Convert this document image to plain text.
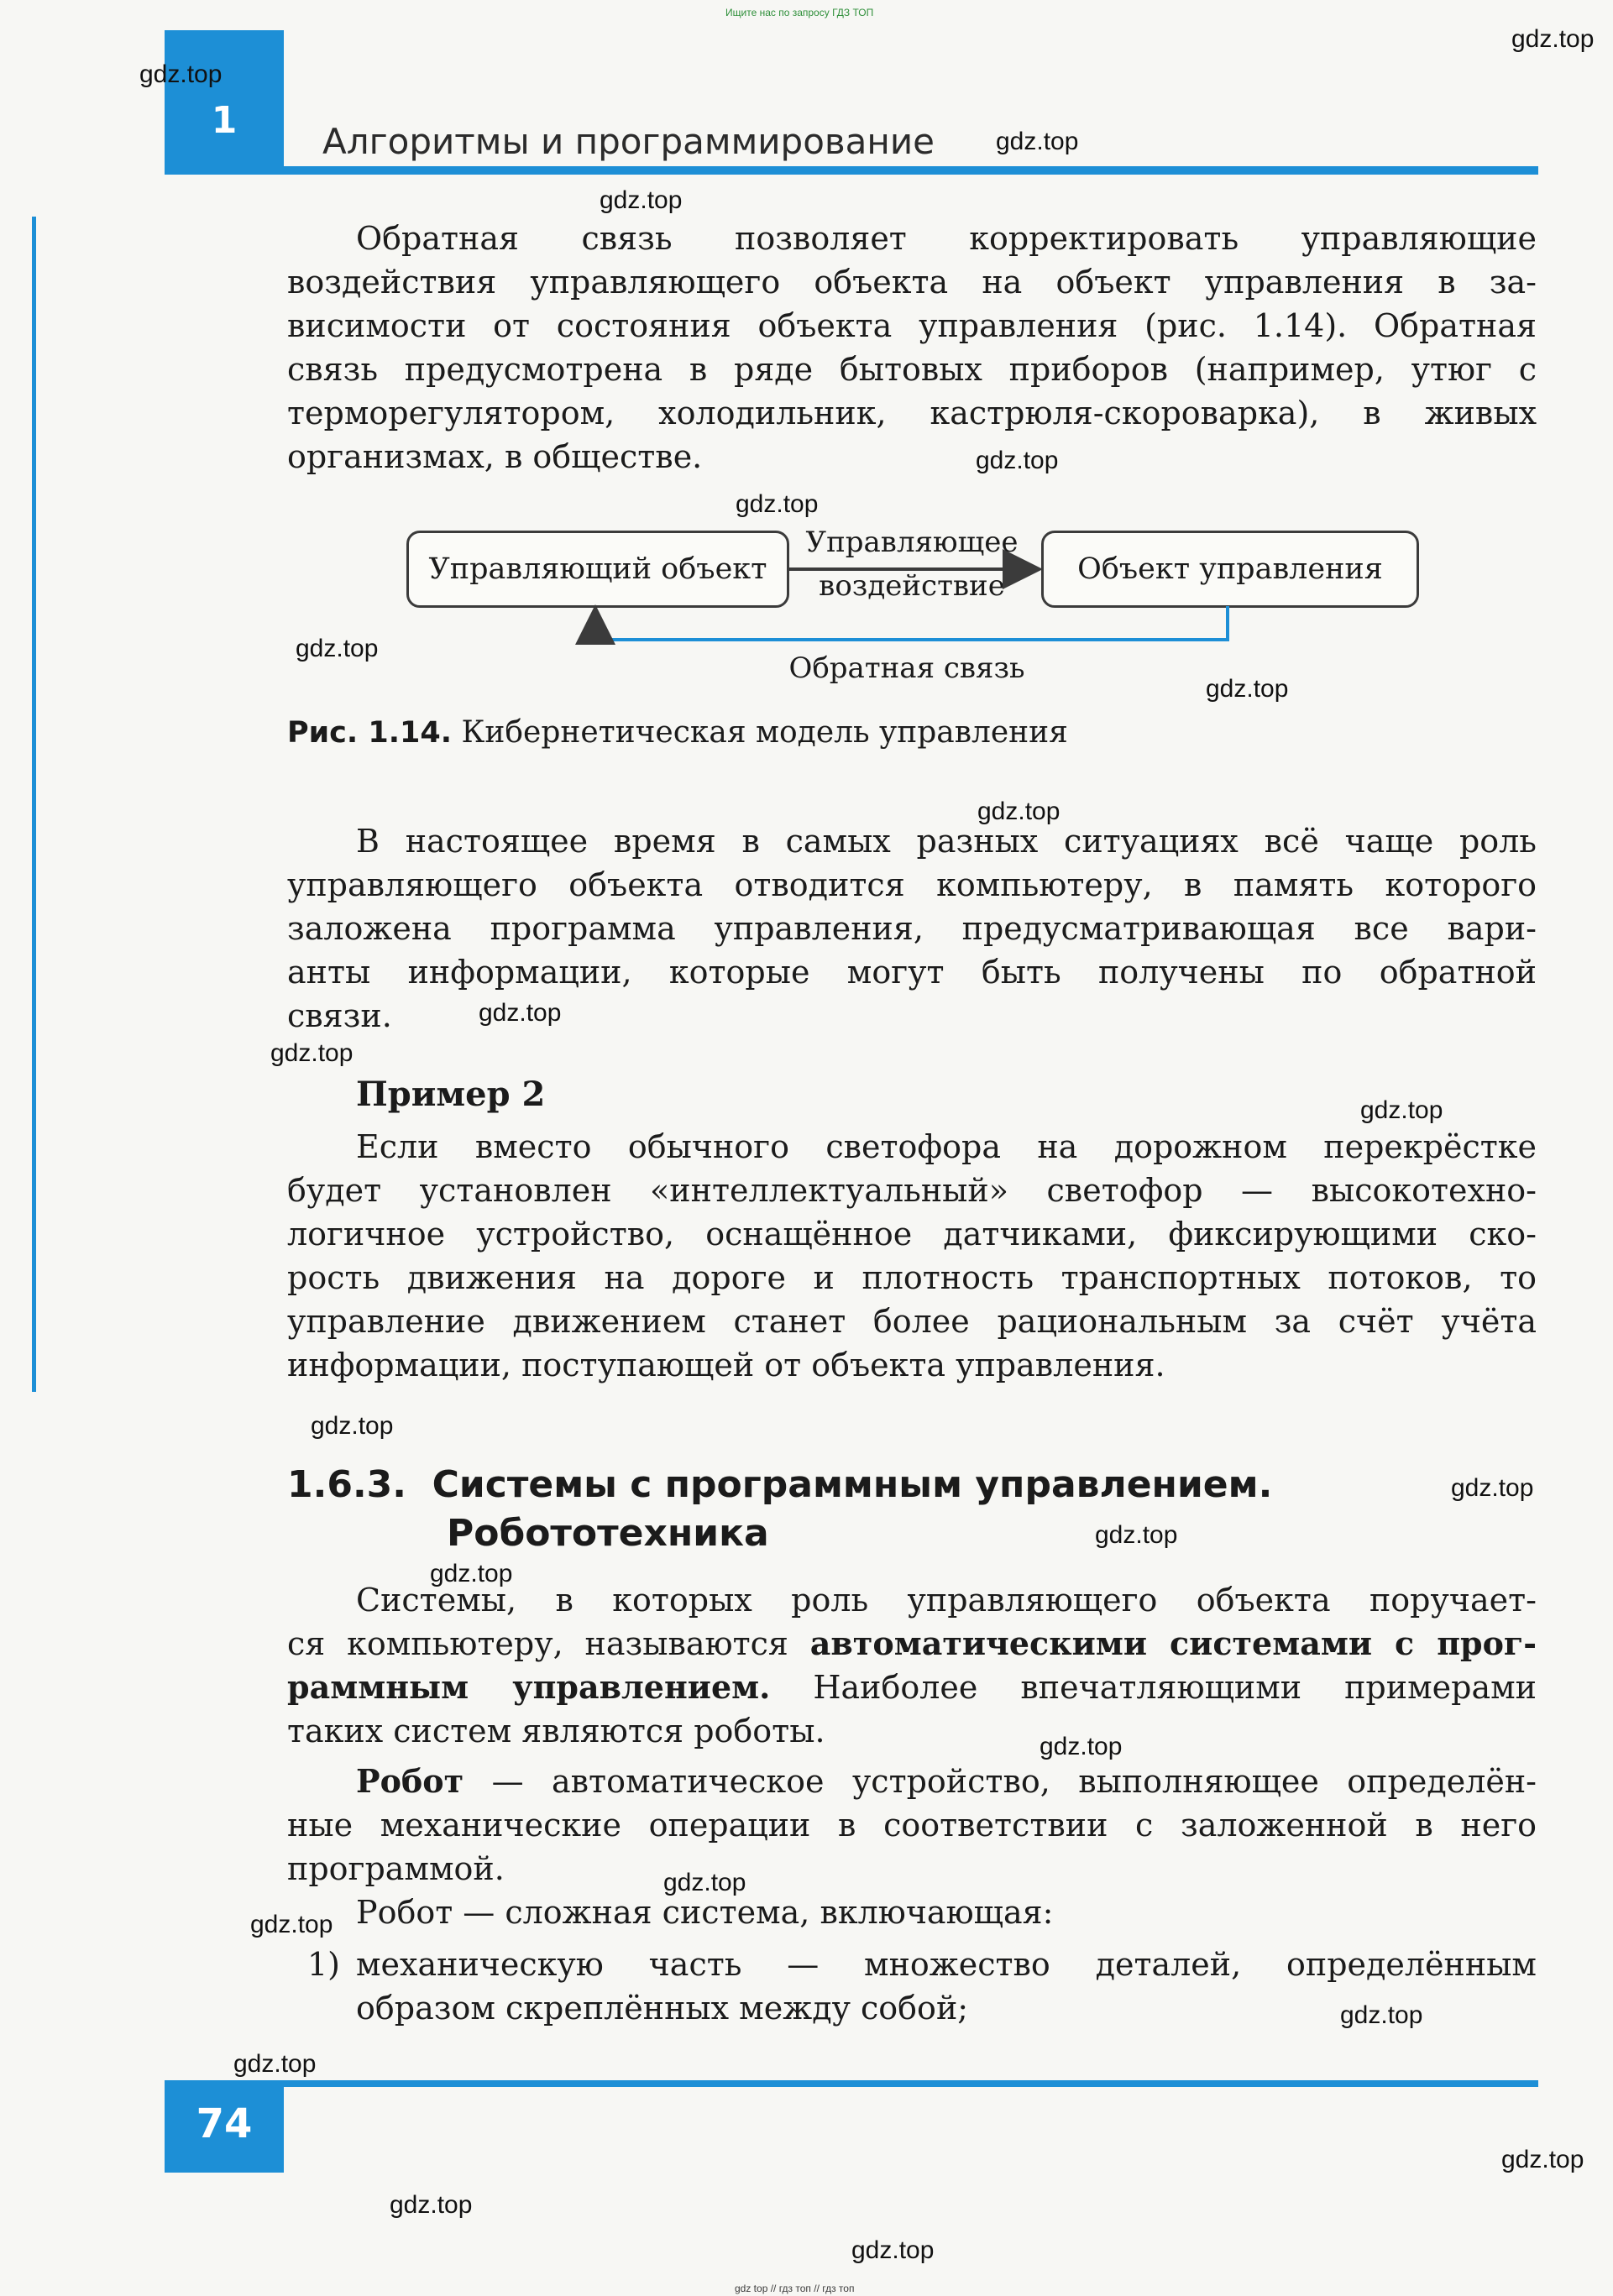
Ищите нас по запросу ГДЗ ТОП
gdz top // гдз топ // гдз топ
1	Алгоритмы и программирование
Обратная связь позволяет корректировать управляющие
воздействия управляющего объекта на объект управления в за-
висимости от состояния объекта управления (рис. 1.14). Обратная
связь предусмотрена в ряде бытовых приборов (например, утюг с
терморегулятором, холодильник, кастрюля-скороварка), в живых
организмах, в обществе.
Управляющий объект	Объект управления
Управляющее
воздействие
Обратная связь
Рис. 1.14. Кибернетическая модель управления
В настоящее время в самых разных ситуациях всё чаще роль
управляющего объекта отводится компьютеру, в память которого
заложена программа управления, предусматривающая все вари-
анты информации, которые могут быть получены по обратной
связи.
Пример 2
Если вместо обычного светофора на дорожном перекрёстке
будет установлен «интеллектуальный» светофор — высокотехно-
логичное устройство, оснащённое датчиками, фиксирующими ско-
рость движения на дороге и плотность транспортных потоков, то
управление движением станет более рациональным за счёт учёта
информации, поступающей от объекта управления.
1.6.3. Системы с программным управлением.
Робототехника
Системы, в которых роль управляющего объекта поручает-
ся компьютеру, называются автоматическими системами с прог-
раммным управлением. Наиболее впечатляющими примерами
таких систем являются роботы.
Робот — автоматическое устройство, выполняющее определён-
ные механические операции в соответствии с заложенной в него
программой.
Робот — сложная система, включающая:
1) механическую часть — множество деталей, определённым
образом скреплённых между собой;
74
gdz.top
gdz.top
gdz.top
gdz.top
gdz.top
gdz.top
gdz.top
gdz.top
gdz.top
gdz.top
gdz.top
gdz.top
gdz.top
gdz.top
gdz.top
gdz.top
gdz.top
gdz.top
gdz.top
gdz.top
gdz.top
gdz.top
gdz.top
gdz.top
